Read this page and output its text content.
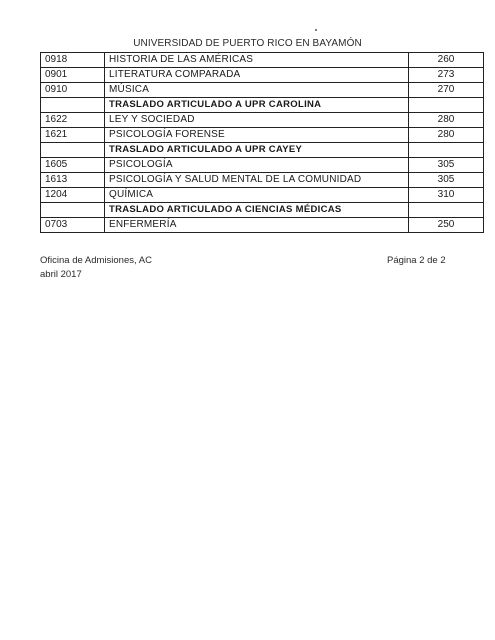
UNIVERSIDAD DE PUERTO RICO EN BAYAMÓN
0918	HISTORIA DE LAS AMÉRICAS	260
0901	LITERATURA COMPARADA	273
0910	MÚSICA	270
	TRASLADO ARTICULADO A UPR CAROLINA	
1622	LEY Y SOCIEDAD	280
1621	PSICOLOGÍA FORENSE	280
	TRASLADO ARTICULADO A UPR CAYEY	
1605	PSICOLOGÍA	305
1613	PSICOLOGÍA Y SALUD MENTAL DE LA COMUNIDAD	305
1204	QUÍMICA	310
	TRASLADO ARTICULADO A CIENCIAS MÉDICAS	
0703	ENFERMERÍA	250
Oficina de Admisiones, AC
abril 2017
Página 2 de 2
